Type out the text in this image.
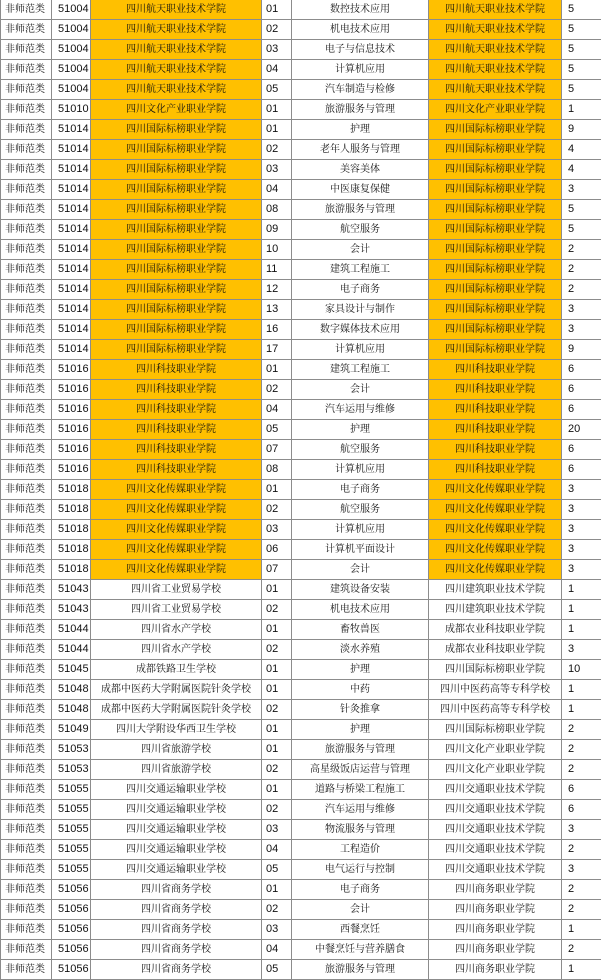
非师范类	51004	四川航天职业技术学院	01	数控技术应用	四川航天职业技术学院	5
非师范类	51004	四川航天职业技术学院	02	机电技术应用	四川航天职业技术学院	5
非师范类	51004	四川航天职业技术学院	03	电子与信息技术	四川航天职业技术学院	5
非师范类	51004	四川航天职业技术学院	04	计算机应用	四川航天职业技术学院	5
非师范类	51004	四川航天职业技术学院	05	汽车制造与检修	四川航天职业技术学院	5
非师范类	51010	四川文化产业职业学院	01	旅游服务与管理	四川文化产业职业学院	1
非师范类	51014	四川国际标榜职业学院	01	护理	四川国际标榜职业学院	9
非师范类	51014	四川国际标榜职业学院	02	老年人服务与管理	四川国际标榜职业学院	4
非师范类	51014	四川国际标榜职业学院	03	美容美体	四川国际标榜职业学院	4
非师范类	51014	四川国际标榜职业学院	04	中医康复保健	四川国际标榜职业学院	3
非师范类	51014	四川国际标榜职业学院	08	旅游服务与管理	四川国际标榜职业学院	5
非师范类	51014	四川国际标榜职业学院	09	航空服务	四川国际标榜职业学院	5
非师范类	51014	四川国际标榜职业学院	10	会计	四川国际标榜职业学院	2
非师范类	51014	四川国际标榜职业学院	11	建筑工程施工	四川国际标榜职业学院	2
非师范类	51014	四川国际标榜职业学院	12	电子商务	四川国际标榜职业学院	2
非师范类	51014	四川国际标榜职业学院	13	家具设计与制作	四川国际标榜职业学院	3
非师范类	51014	四川国际标榜职业学院	16	数字媒体技术应用	四川国际标榜职业学院	3
非师范类	51014	四川国际标榜职业学院	17	计算机应用	四川国际标榜职业学院	9
非师范类	51016	四川科技职业学院	01	建筑工程施工	四川科技职业学院	6
非师范类	51016	四川科技职业学院	02	会计	四川科技职业学院	6
非师范类	51016	四川科技职业学院	04	汽车运用与维修	四川科技职业学院	6
非师范类	51016	四川科技职业学院	05	护理	四川科技职业学院	20
非师范类	51016	四川科技职业学院	07	航空服务	四川科技职业学院	6
非师范类	51016	四川科技职业学院	08	计算机应用	四川科技职业学院	6
非师范类	51018	四川文化传媒职业学院	01	电子商务	四川文化传媒职业学院	3
非师范类	51018	四川文化传媒职业学院	02	航空服务	四川文化传媒职业学院	3
非师范类	51018	四川文化传媒职业学院	03	计算机应用	四川文化传媒职业学院	3
非师范类	51018	四川文化传媒职业学院	06	计算机平面设计	四川文化传媒职业学院	3
非师范类	51018	四川文化传媒职业学院	07	会计	四川文化传媒职业学院	3
非师范类	51043	四川省工业贸易学校	01	建筑设备安装	四川建筑职业技术学院	1
非师范类	51043	四川省工业贸易学校	02	机电技术应用	四川建筑职业技术学院	1
非师范类	51044	四川省水产学校	01	畜牧兽医	成都农业科技职业学院	1
非师范类	51044	四川省水产学校	02	淡水养殖	成都农业科技职业学院	3
非师范类	51045	成都铁路卫生学校	01	护理	四川国际标榜职业学院	10
非师范类	51048	成都中医药大学附属医院针灸学校	01	中药	四川中医药高等专科学校	1
非师范类	51048	成都中医药大学附属医院针灸学校	02	针灸推拿	四川中医药高等专科学校	1
非师范类	51049	四川大学附设华西卫生学校	01	护理	四川国际标榜职业学院	2
非师范类	51053	四川省旅游学校	01	旅游服务与管理	四川文化产业职业学院	2
非师范类	51053	四川省旅游学校	02	高星级饭店运营与管理	四川文化产业职业学院	2
非师范类	51055	四川交通运输职业学校	01	道路与桥梁工程施工	四川交通职业技术学院	6
非师范类	51055	四川交通运输职业学校	02	汽车运用与维修	四川交通职业技术学院	6
非师范类	51055	四川交通运输职业学校	03	物流服务与管理	四川交通职业技术学院	3
非师范类	51055	四川交通运输职业学校	04	工程造价	四川交通职业技术学院	2
非师范类	51055	四川交通运输职业学校	05	电气运行与控制	四川交通职业技术学院	3
非师范类	51056	四川省商务学校	01	电子商务	四川商务职业学院	2
非师范类	51056	四川省商务学校	02	会计	四川商务职业学院	2
非师范类	51056	四川省商务学校	03	西餐烹饪	四川商务职业学院	1
非师范类	51056	四川省商务学校	04	中餐烹饪与营养膳食	四川商务职业学院	2
非师范类	51056	四川省商务学校	05	旅游服务与管理	四川商务职业学院	1
